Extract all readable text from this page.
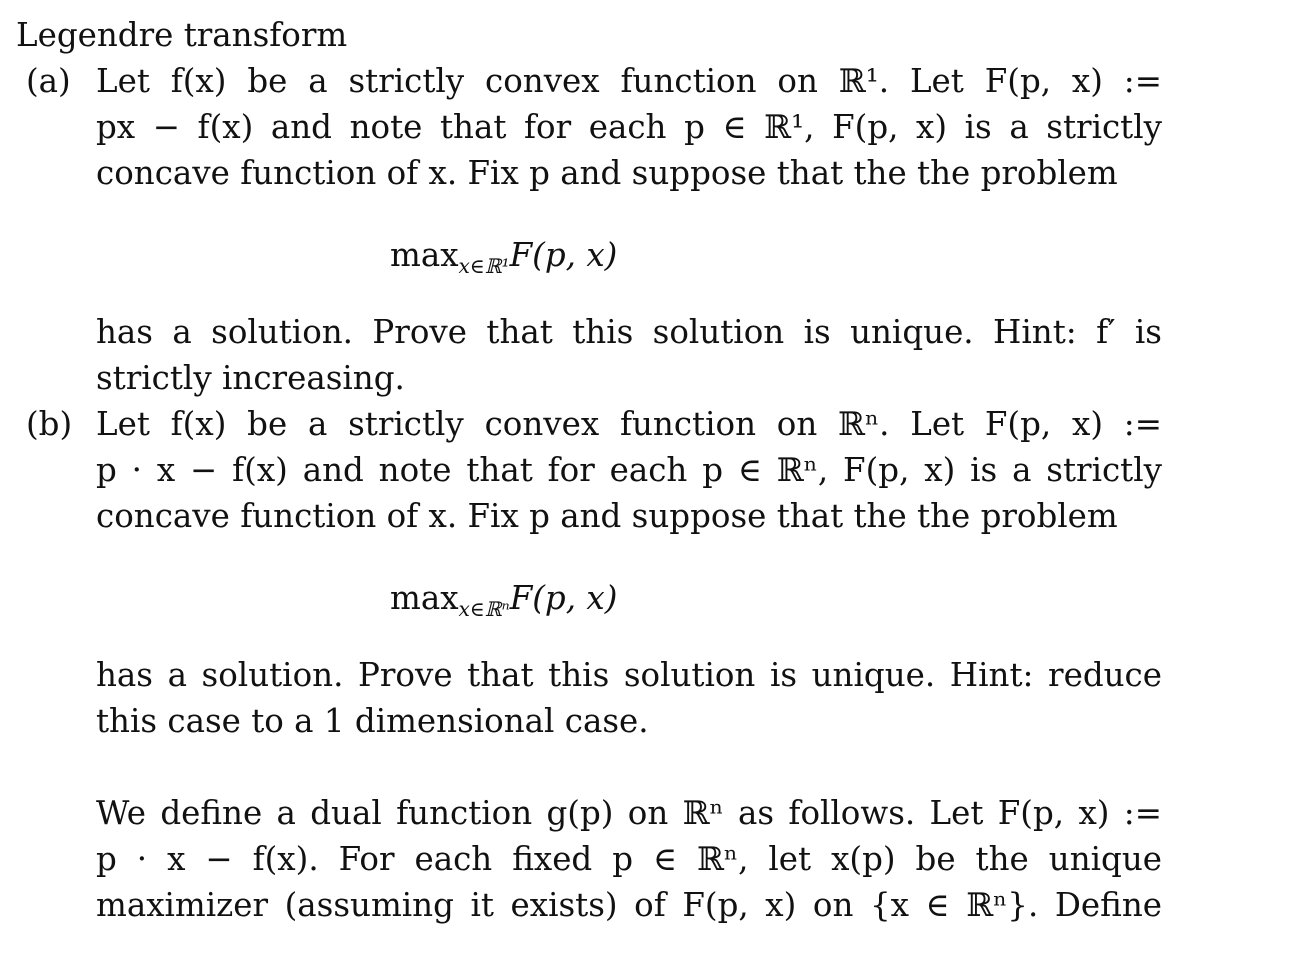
Legendre transform
(a) Let f(x) be a strictly convex function on ℝ¹. Let F(p, x) :=
px − f(x) and note that for each p ∈ ℝ¹, F(p, x) is a strictly
concave function of x. Fix p and suppose that the the problem
$\max_{x\in ℝ^1}F(p$, x)
has a solution. Prove that this solution is unique. Hint: f′ is
strictly increasing.
(b) Let f(x) be a strictly convex function on ℝⁿ. Let F(p, x) :=
p · x − f(x) and note that for each p ∈ ℝⁿ, F(p, x) is a strictly
concave function of x. Fix p and suppose that the the problem
$\max_{x\in ℝ^n}F(p$, x)
has a solution. Prove that this solution is unique. Hint: reduce
this case to a 1 dimensional case.
We define a dual function g(p) on ℝⁿ as follows. Let F(p, x) :=
p · x − f(x). For each fixed p ∈ ℝⁿ, let x(p) be the unique
maximizer (assuming it exists) of F(p, x) on {x ∈ ℝⁿ}. Define
